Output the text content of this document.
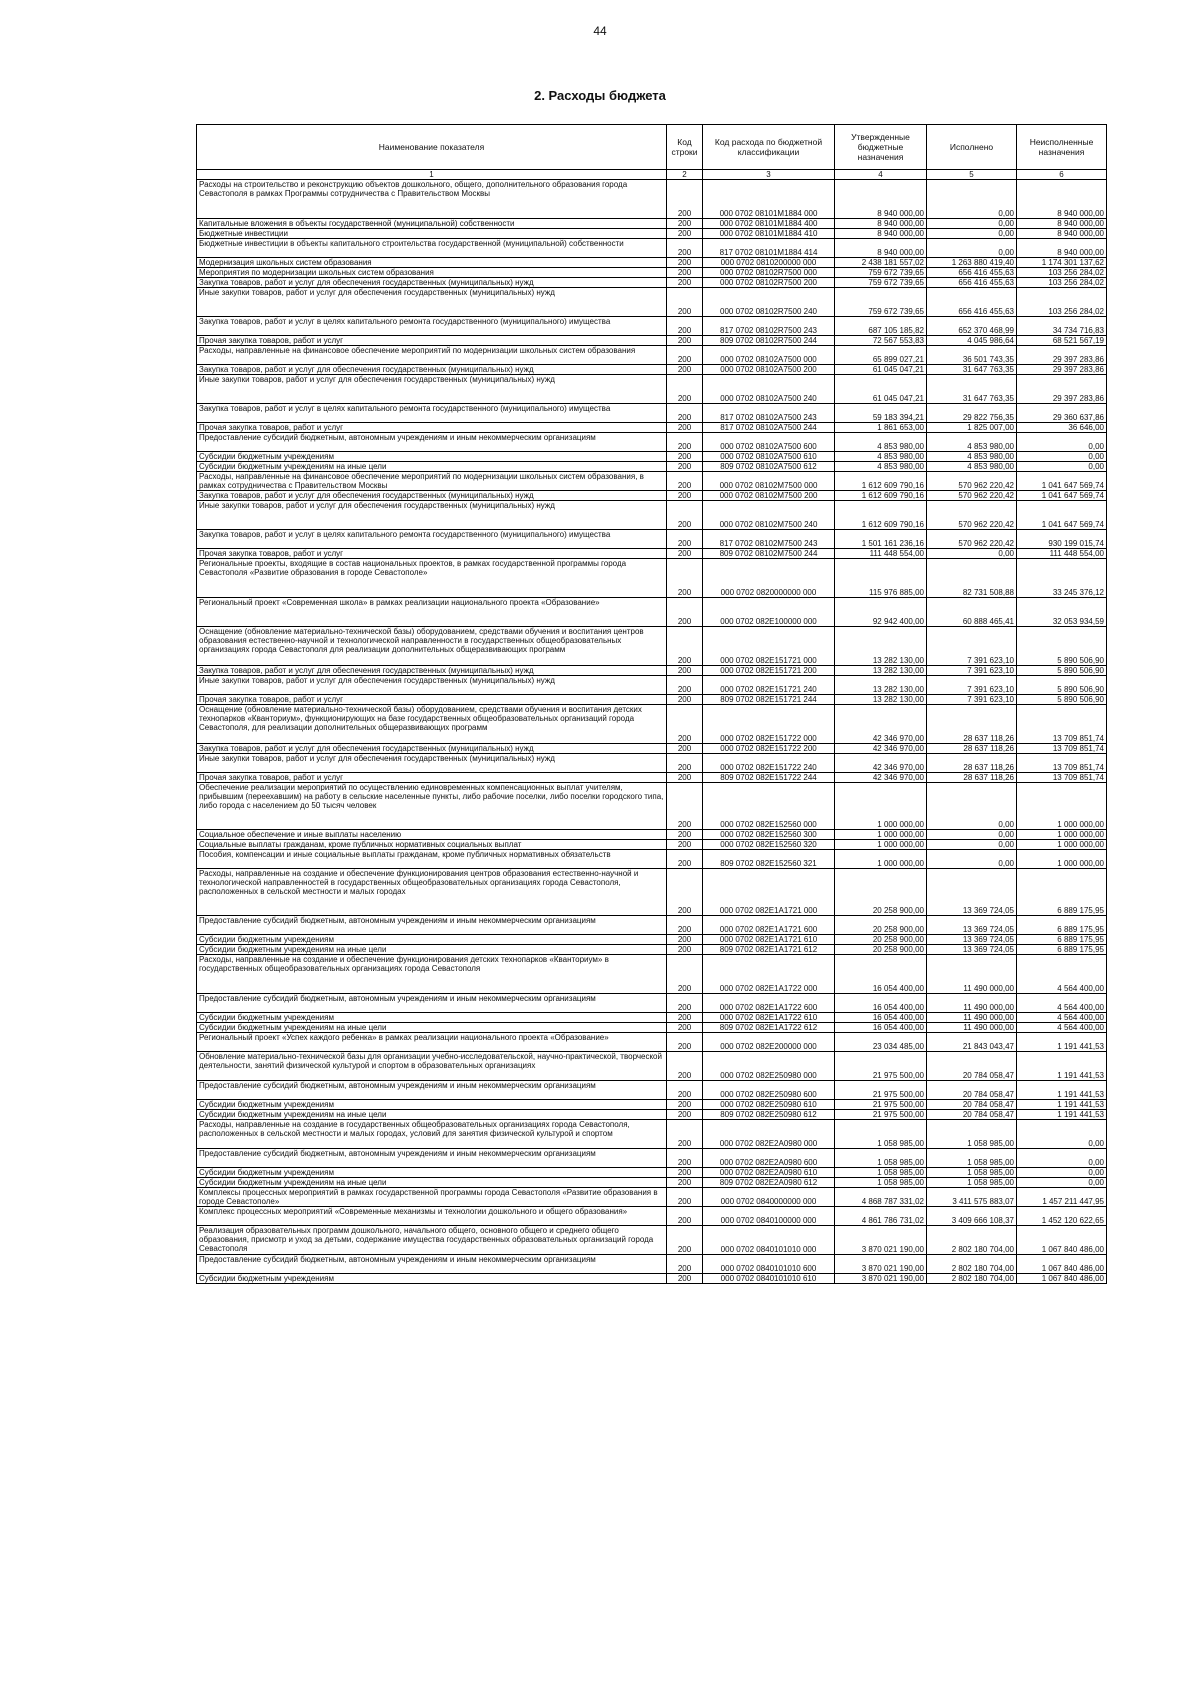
44
2. Расходы бюджета
Наименование показателя	Код строки	Код расхода по бюджетной классификации	Утвержденные бюджетные назначения	Исполнено	Неисполненные назначения
1	2	3	4	5	6
Расходы на строительство и реконструкцию объектов дошкольного, общего, дополнительного образования города Севастополя в рамках Программы сотрудничества с Правительством Москвы	200	000 0702 08101M1884 000	8 940 000,00	0,00	8 940 000,00
Капитальные вложения в объекты государственной (муниципальной) собственности	200	000 0702 08101M1884 400	8 940 000,00	0,00	8 940 000,00
Бюджетные инвестиции	200	000 0702 08101M1884 410	8 940 000,00	0,00	8 940 000,00
Бюджетные инвестиции в объекты капитального строительства государственной (муниципальной) собственности	200	817 0702 08101M1884 414	8 940 000,00	0,00	8 940 000,00
Модернизация школьных систем образования	200	000 0702 0810200000 000	2 438 181 557,02	1 263 880 419,40	1 174 301 137,62
Мероприятия по модернизации школьных систем образования	200	000 0702 08102R7500 000	759 672 739,65	656 416 455,63	103 256 284,02
Закупка товаров, работ и услуг для обеспечения государственных (муниципальных) нужд	200	000 0702 08102R7500 200	759 672 739,65	656 416 455,63	103 256 284,02
Иные закупки товаров, работ и услуг для обеспечения государственных (муниципальных) нужд	200	000 0702 08102R7500 240	759 672 739,65	656 416 455,63	103 256 284,02
Закупка товаров, работ и услуг в целях капитального ремонта государственного (муниципального) имущества	200	817 0702 08102R7500 243	687 105 185,82	652 370 468,99	34 734 716,83
Прочая закупка товаров, работ и услуг	200	809 0702 08102R7500 244	72 567 553,83	4 045 986,64	68 521 567,19
Расходы, направленные на финансовое обеспечение мероприятий по модернизации школьных систем образования	200	000 0702 08102A7500 000	65 899 027,21	36 501 743,35	29 397 283,86
Закупка товаров, работ и услуг для обеспечения государственных (муниципальных) нужд	200	000 0702 08102A7500 200	61 045 047,21	31 647 763,35	29 397 283,86
Иные закупки товаров, работ и услуг для обеспечения государственных (муниципальных) нужд	200	000 0702 08102A7500 240	61 045 047,21	31 647 763,35	29 397 283,86
Закупка товаров, работ и услуг в целях капитального ремонта государственного (муниципального) имущества	200	817 0702 08102A7500 243	59 183 394,21	29 822 756,35	29 360 637,86
Прочая закупка товаров, работ и услуг	200	817 0702 08102A7500 244	1 861 653,00	1 825 007,00	36 646,00
Предоставление субсидий бюджетным, автономным учреждениям и иным некоммерческим организациям	200	000 0702 08102A7500 600	4 853 980,00	4 853 980,00	0,00
Субсидии бюджетным учреждениям	200	000 0702 08102A7500 610	4 853 980,00	4 853 980,00	0,00
Субсидии бюджетным учреждениям на иные цели	200	809 0702 08102A7500 612	4 853 980,00	4 853 980,00	0,00
Расходы, направленные на финансовое обеспечение мероприятий по модернизации школьных систем образования, в рамках сотрудничества с Правительством Москвы	200	000 0702 08102M7500 000	1 612 609 790,16	570 962 220,42	1 041 647 569,74
Закупка товаров, работ и услуг для обеспечения государственных (муниципальных) нужд	200	000 0702 08102M7500 200	1 612 609 790,16	570 962 220,42	1 041 647 569,74
Иные закупки товаров, работ и услуг для обеспечения государственных (муниципальных) нужд	200	000 0702 08102M7500 240	1 612 609 790,16	570 962 220,42	1 041 647 569,74
Закупка товаров, работ и услуг в целях капитального ремонта государственного (муниципального) имущества	200	817 0702 08102M7500 243	1 501 161 236,16	570 962 220,42	930 199 015,74
Прочая закупка товаров, работ и услуг	200	809 0702 08102M7500 244	111 448 554,00	0,00	111 448 554,00
Региональные проекты, входящие в состав национальных проектов, в рамках государственной программы города Севастополя «Развитие образования в городе Севастополе»	200	000 0702 0820000000 000	115 976 885,00	82 731 508,88	33 245 376,12
Региональный проект «Современная школа» в рамках реализации национального проекта «Образование»	200	000 0702 082E100000 000	92 942 400,00	60 888 465,41	32 053 934,59
Оснащение (обновление материально-технической базы) оборудованием, средствами обучения и воспитания центров образования естественно-научной и технологической направленности в государственных общеобразовательных организациях города Севастополя для реализации дополнительных общеразвивающих программ	200	000 0702 082E151721 000	13 282 130,00	7 391 623,10	5 890 506,90
Закупка товаров, работ и услуг для обеспечения государственных (муниципальных) нужд	200	000 0702 082E151721 200	13 282 130,00	7 391 623,10	5 890 506,90
Иные закупки товаров, работ и услуг для обеспечения государственных (муниципальных) нужд	200	000 0702 082E151721 240	13 282 130,00	7 391 623,10	5 890 506,90
Прочая закупка товаров, работ и услуг	200	809 0702 082E151721 244	13 282 130,00	7 391 623,10	5 890 506,90
Оснащение (обновление материально-технической базы) оборудованием, средствами обучения и воспитания детских технопарков «Кванториум», функционирующих на базе государственных общеобразовательных организаций города Севастополя, для реализации дополнительных общеразвивающих программ	200	000 0702 082E151722 000	42 346 970,00	28 637 118,26	13 709 851,74
Закупка товаров, работ и услуг для обеспечения государственных (муниципальных) нужд	200	000 0702 082E151722 200	42 346 970,00	28 637 118,26	13 709 851,74
Иные закупки товаров, работ и услуг для обеспечения государственных (муниципальных) нужд	200	000 0702 082E151722 240	42 346 970,00	28 637 118,26	13 709 851,74
Прочая закупка товаров, работ и услуг	200	809 0702 082E151722 244	42 346 970,00	28 637 118,26	13 709 851,74
Обеспечение реализации мероприятий по осуществлению единовременных компенсационных выплат учителям, прибывшим (переехавшим) на работу в сельские населенные пункты, либо рабочие поселки, либо поселки городского типа, либо города с населением до 50 тысяч человек	200	000 0702 082E152560 000	1 000 000,00	0,00	1 000 000,00
Социальное обеспечение и иные выплаты населению	200	000 0702 082E152560 300	1 000 000,00	0,00	1 000 000,00
Социальные выплаты гражданам, кроме публичных нормативных социальных выплат	200	000 0702 082E152560 320	1 000 000,00	0,00	1 000 000,00
Пособия, компенсации и иные социальные выплаты гражданам, кроме публичных нормативных обязательств	200	809 0702 082E152560 321	1 000 000,00	0,00	1 000 000,00
Расходы, направленные на создание и обеспечение функционирования центров образования естественно-научной и технологической направленностей в государственных общеобразовательных организациях города Севастополя, расположенных в сельской местности и малых городах	200	000 0702 082E1A1721 000	20 258 900,00	13 369 724,05	6 889 175,95
Предоставление субсидий бюджетным, автономным учреждениям и иным некоммерческим организациям	200	000 0702 082E1A1721 600	20 258 900,00	13 369 724,05	6 889 175,95
Субсидии бюджетным учреждениям	200	000 0702 082E1A1721 610	20 258 900,00	13 369 724,05	6 889 175,95
Субсидии бюджетным учреждениям на иные цели	200	809 0702 082E1A1721 612	20 258 900,00	13 369 724,05	6 889 175,95
Расходы, направленные на создание и обеспечение функционирования детских технопарков «Кванториум» в государственных общеобразовательных организациях города Севастополя	200	000 0702 082E1A1722 000	16 054 400,00	11 490 000,00	4 564 400,00
Предоставление субсидий бюджетным, автономным учреждениям и иным некоммерческим организациям	200	000 0702 082E1A1722 600	16 054 400,00	11 490 000,00	4 564 400,00
Субсидии бюджетным учреждениям	200	000 0702 082E1A1722 610	16 054 400,00	11 490 000,00	4 564 400,00
Субсидии бюджетным учреждениям на иные цели	200	809 0702 082E1A1722 612	16 054 400,00	11 490 000,00	4 564 400,00
Региональный проект «Успех каждого ребенка» в рамках реализации национального проекта «Образование»	200	000 0702 082E200000 000	23 034 485,00	21 843 043,47	1 191 441,53
Обновление материально-технической базы для организации учебно-исследовательской, научно-практической, творческой деятельности, занятий физической культурой и спортом в образовательных организациях	200	000 0702 082E250980 000	21 975 500,00	20 784 058,47	1 191 441,53
Предоставление субсидий бюджетным, автономным учреждениям и иным некоммерческим организациям	200	000 0702 082E250980 600	21 975 500,00	20 784 058,47	1 191 441,53
Субсидии бюджетным учреждениям	200	000 0702 082E250980 610	21 975 500,00	20 784 058,47	1 191 441,53
Субсидии бюджетным учреждениям на иные цели	200	809 0702 082E250980 612	21 975 500,00	20 784 058,47	1 191 441,53
Расходы, направленные на создание в государственных общеобразовательных организациях города Севастополя, расположенных в сельской местности и малых городах, условий для занятия физической культурой и спортом	200	000 0702 082E2A0980 000	1 058 985,00	1 058 985,00	0,00
Предоставление субсидий бюджетным, автономным учреждениям и иным некоммерческим организациям	200	000 0702 082E2A0980 600	1 058 985,00	1 058 985,00	0,00
Субсидии бюджетным учреждениям	200	000 0702 082E2A0980 610	1 058 985,00	1 058 985,00	0,00
Субсидии бюджетным учреждениям на иные цели	200	809 0702 082E2A0980 612	1 058 985,00	1 058 985,00	0,00
Комплексы процессных мероприятий в рамках государственной программы города Севастополя «Развитие образования в городе Севастополе»	200	000 0702 0840000000 000	4 868 787 331,02	3 411 575 883,07	1 457 211 447,95
Комплекс процессных мероприятий «Современные механизмы и технологии дошкольного и общего образования»	200	000 0702 0840100000 000	4 861 786 731,02	3 409 666 108,37	1 452 120 622,65
Реализация образовательных программ дошкольного, начального общего, основного общего и среднего общего образования, присмотр и уход за детьми, содержание имущества государственных образовательных организаций города Севастополя	200	000 0702 0840101010 000	3 870 021 190,00	2 802 180 704,00	1 067 840 486,00
Предоставление субсидий бюджетным, автономным учреждениям и иным некоммерческим организациям	200	000 0702 0840101010 600	3 870 021 190,00	2 802 180 704,00	1 067 840 486,00
Субсидии бюджетным учреждениям	200	000 0702 0840101010 610	3 870 021 190,00	2 802 180 704,00	1 067 840 486,00
